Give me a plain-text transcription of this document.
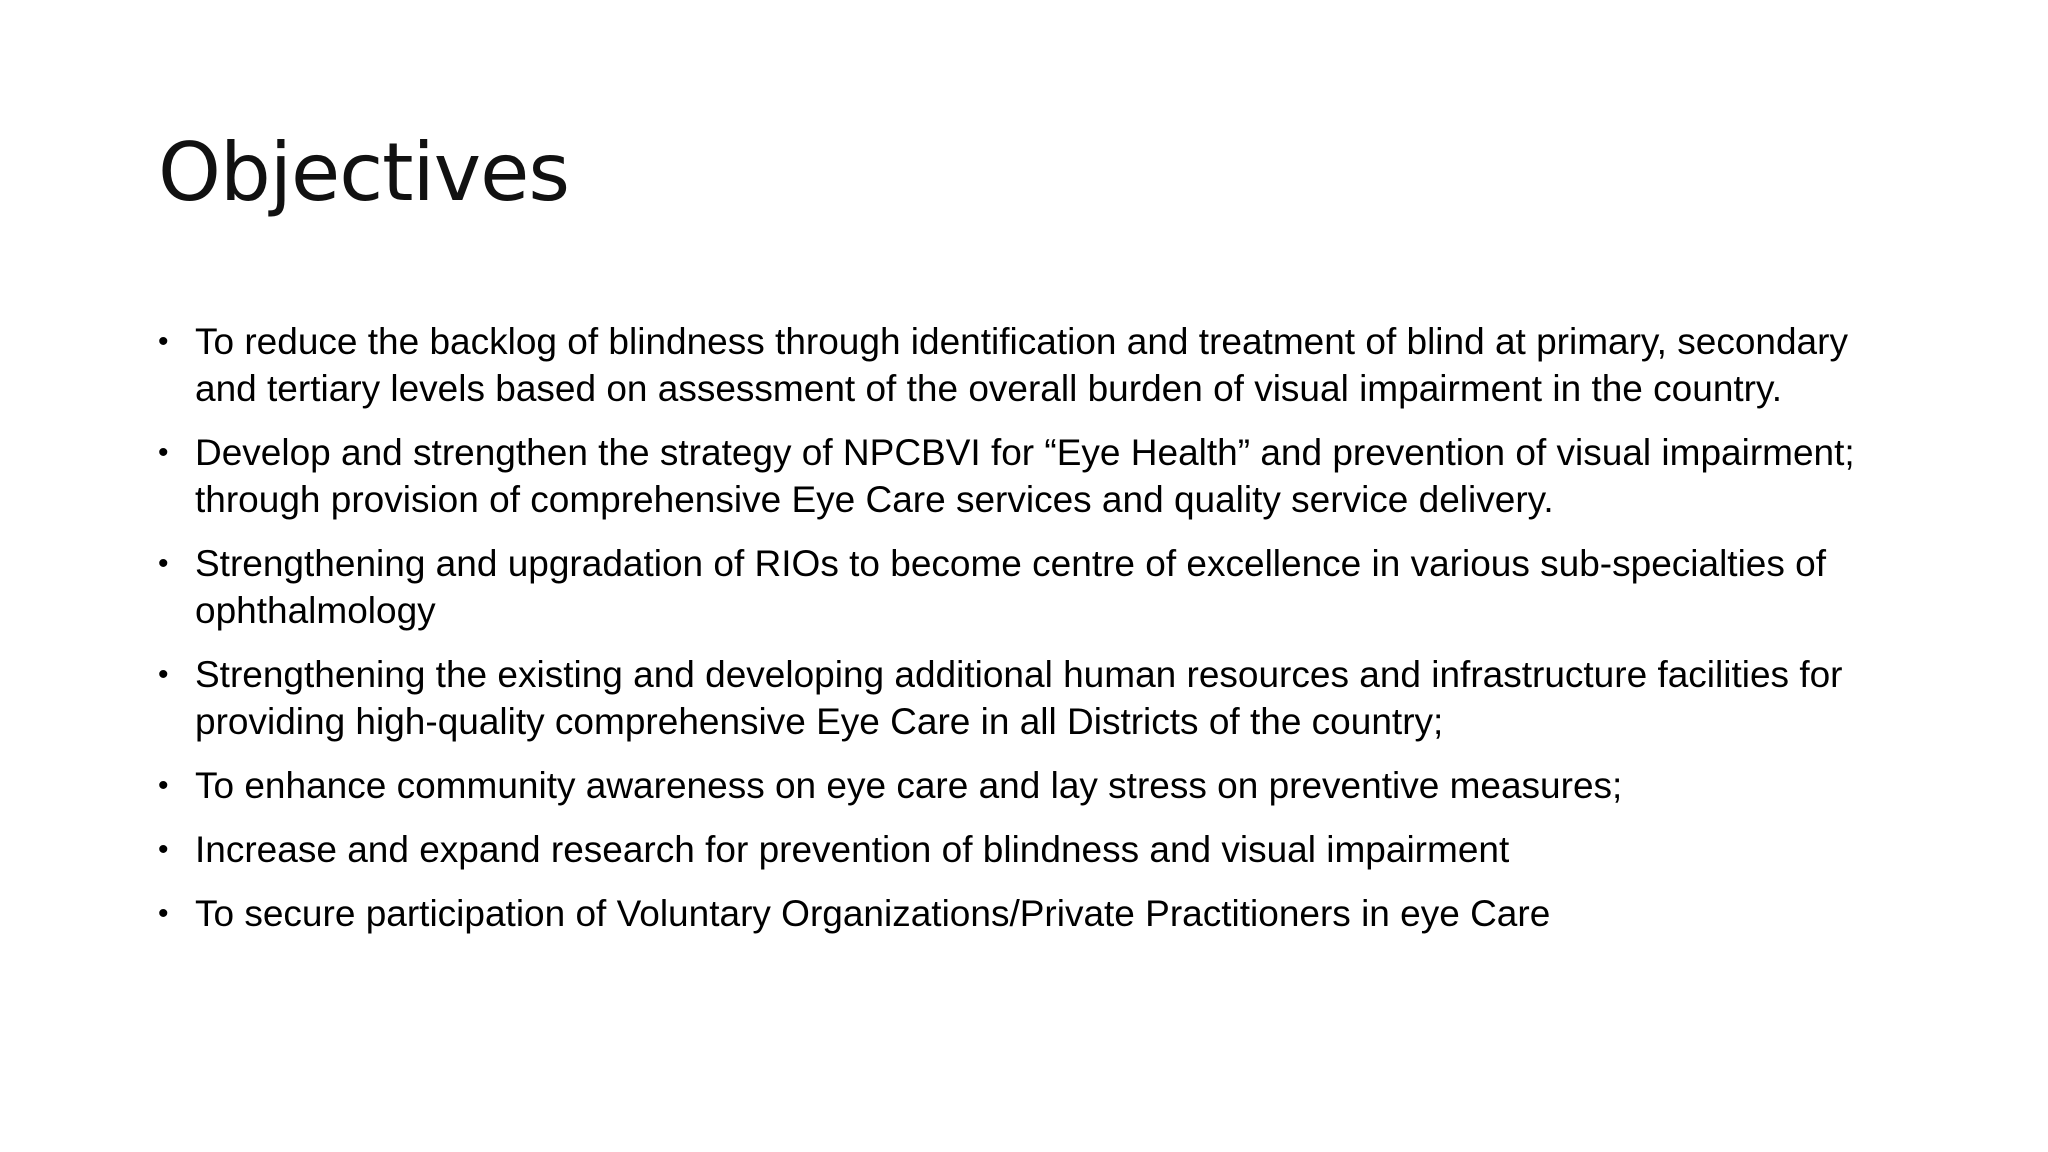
Objectives
• To reduce the backlog of blindness through identification and treatment of blind at primary, secondary and tertiary levels based on assessment of the overall burden of visual impairment in the country.
• Develop and strengthen the strategy of NPCBVI for “Eye Health” and prevention of visual impairment; through provision of comprehensive Eye Care services and quality service delivery.
• Strengthening and upgradation of RIOs to become centre of excellence in various sub-specialties of ophthalmology
• Strengthening the existing and developing additional human resources and infrastructure facilities for providing high-quality comprehensive Eye Care in all Districts of the country;
• To enhance community awareness on eye care and lay stress on preventive measures;
• Increase and expand research for prevention of blindness and visual impairment
• To secure participation of Voluntary Organizations/Private Practitioners in eye Care
